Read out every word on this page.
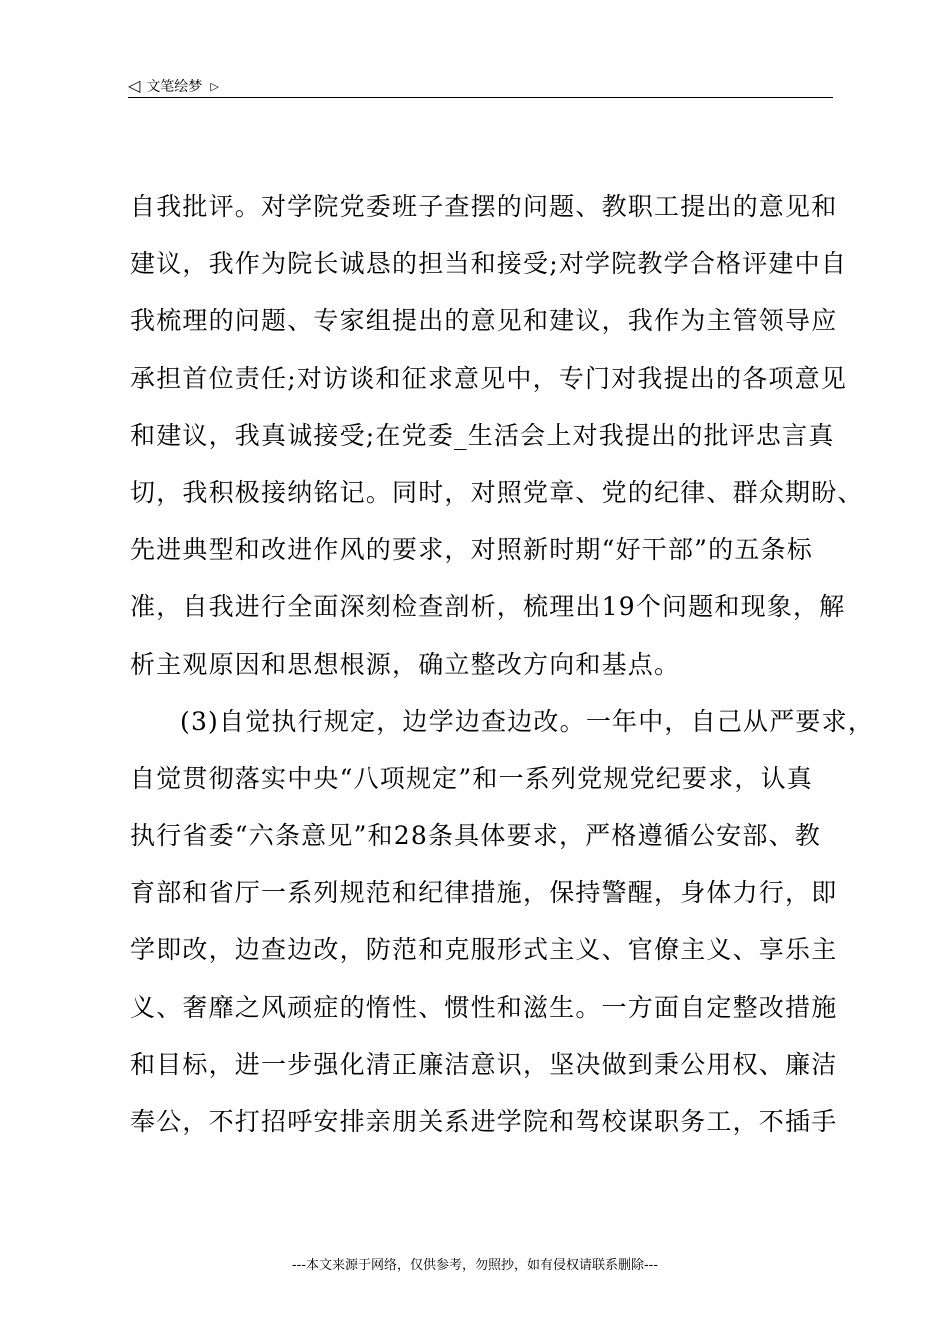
◁ 文笔绘梦 ▷
自我批评。对学院党委班子查摆的问题、教职工提出的意见和
建议，我作为院长诚恳的担当和接受;对学院教学合格评建中自
我梳理的问题、专家组提出的意见和建议，我作为主管领导应
承担首位责任;对访谈和征求意见中，专门对我提出的各项意见
和建议，我真诚接受;在党委_生活会上对我提出的批评忠言真
切，我积极接纳铭记。同时，对照党章、党的纪律、群众期盼、
先进典型和改进作风的要求，对照新时期“好干部”的五条标
准，自我进行全面深刻检查剖析，梳理出19个问题和现象，解
析主观原因和思想根源，确立整改方向和基点。
(3)自觉执行规定，边学边查边改。一年中，自己从严要求，
自觉贯彻落实中央“八项规定”和一系列党规党纪要求，认真
执行省委“六条意见”和28条具体要求，严格遵循公安部、教
育部和省厅一系列规范和纪律措施，保持警醒，身体力行，即
学即改，边查边改，防范和克服形式主义、官僚主义、享乐主
义、奢靡之风顽症的惰性、惯性和滋生。一方面自定整改措施
和目标，进一步强化清正廉洁意识，坚决做到秉公用权、廉洁
奉公，不打招呼安排亲朋关系进学院和驾校谋职务工，不插手
---本文来源于网络，仅供参考，勿照抄，如有侵权请联系删除---
